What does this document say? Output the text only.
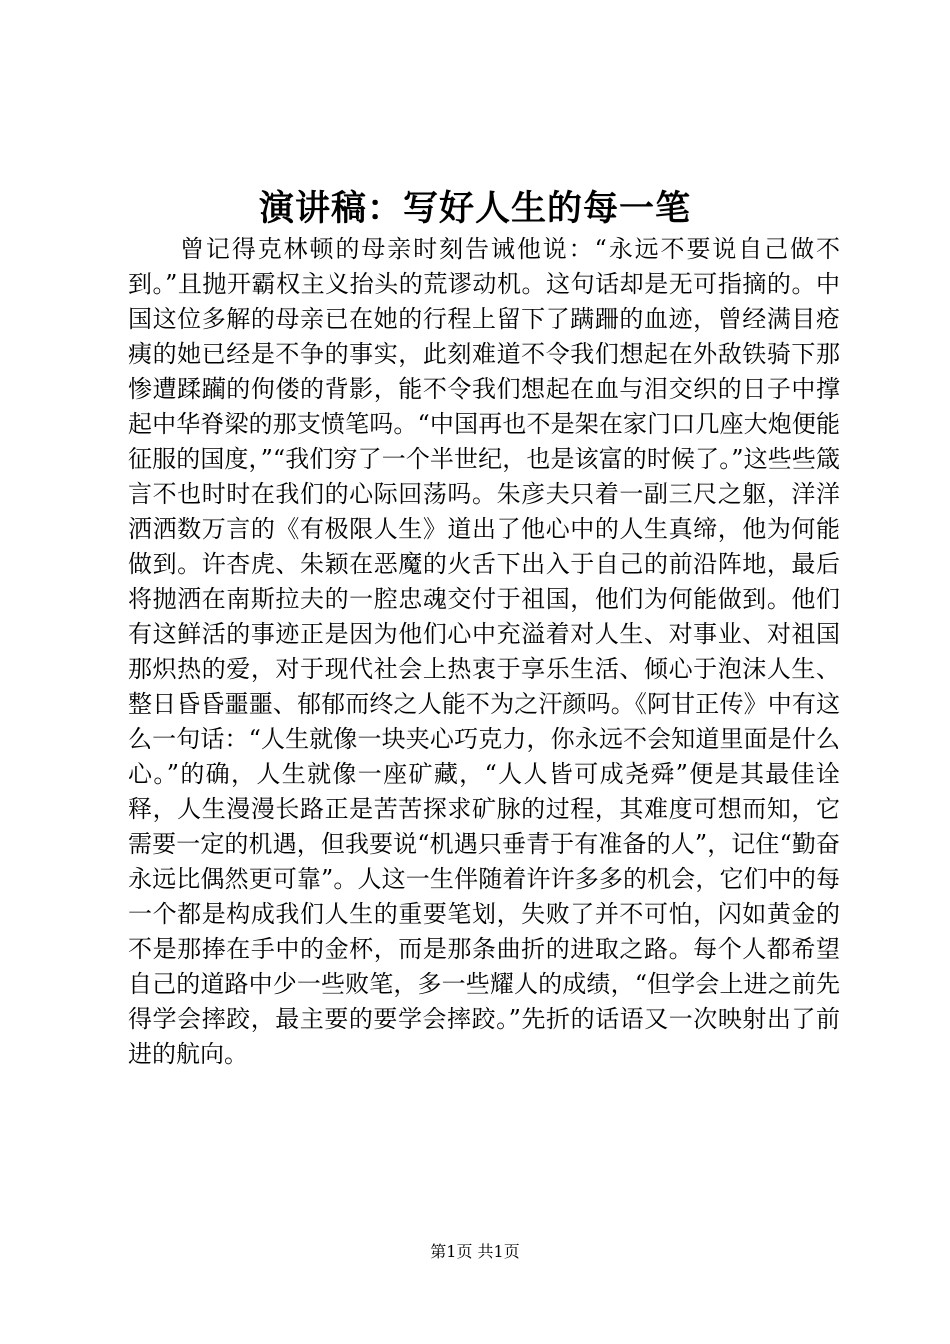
演讲稿：写好人生的每一笔

曾记得克林顿的母亲时刻告诫他说：“永远不要说自己做不到。”且抛开霸权主义抬头的荒谬动机。这句话却是无可指摘的。中国这位多解的母亲已在她的行程上留下了蹒跚的血迹，曾经满目疮痍的她已经是不争的事实，此刻难道不令我们想起在外敌铁骑下那惨遭蹂躏的佝偻的背影，能不令我们想起在血与泪交织的日子中撑起中华脊梁的那支愤笔吗。“中国再也不是架在家门口几座大炮便能征服的国度，”“我们穷了一个半世纪，也是该富的时候了。”这些些箴言不也时时在我们的心际回荡吗。朱彦夫只着一副三尺之躯，洋洋洒洒数万言的《有极限人生》道出了他心中的人生真缔，他为何能做到。许杏虎、朱颖在恶魔的火舌下出入于自己的前沿阵地，最后将抛洒在南斯拉夫的一腔忠魂交付于祖国，他们为何能做到。他们有这鲜活的事迹正是因为他们心中充溢着对人生、对事业、对祖国那炽热的爱，对于现代社会上热衷于享乐生活、倾心于泡沫人生、整日昏昏噩噩、郁郁而终之人能不为之汗颜吗。《阿甘正传》中有这么一句话：“人生就像一块夹心巧克力，你永远不会知道里面是什么心。”的确，人生就像一座矿藏，“人人皆可成尧舜”便是其最佳诠释，人生漫漫长路正是苦苦探求矿脉的过程，其难度可想而知，它需要一定的机遇，但我要说“机遇只垂青于有准备的人”，记住“勤奋永远比偶然更可靠”。人这一生伴随着许许多多的机会，它们中的每一个都是构成我们人生的重要笔划，失败了并不可怕，闪如黄金的不是那捧在手中的金杯，而是那条曲折的进取之路。每个人都希望自己的道路中少一些败笔，多一些耀人的成绩，“但学会上进之前先得学会摔跤，最主要的要学会摔跤。”先折的话语又一次映射出了前进的航向。

第1页 共1页
